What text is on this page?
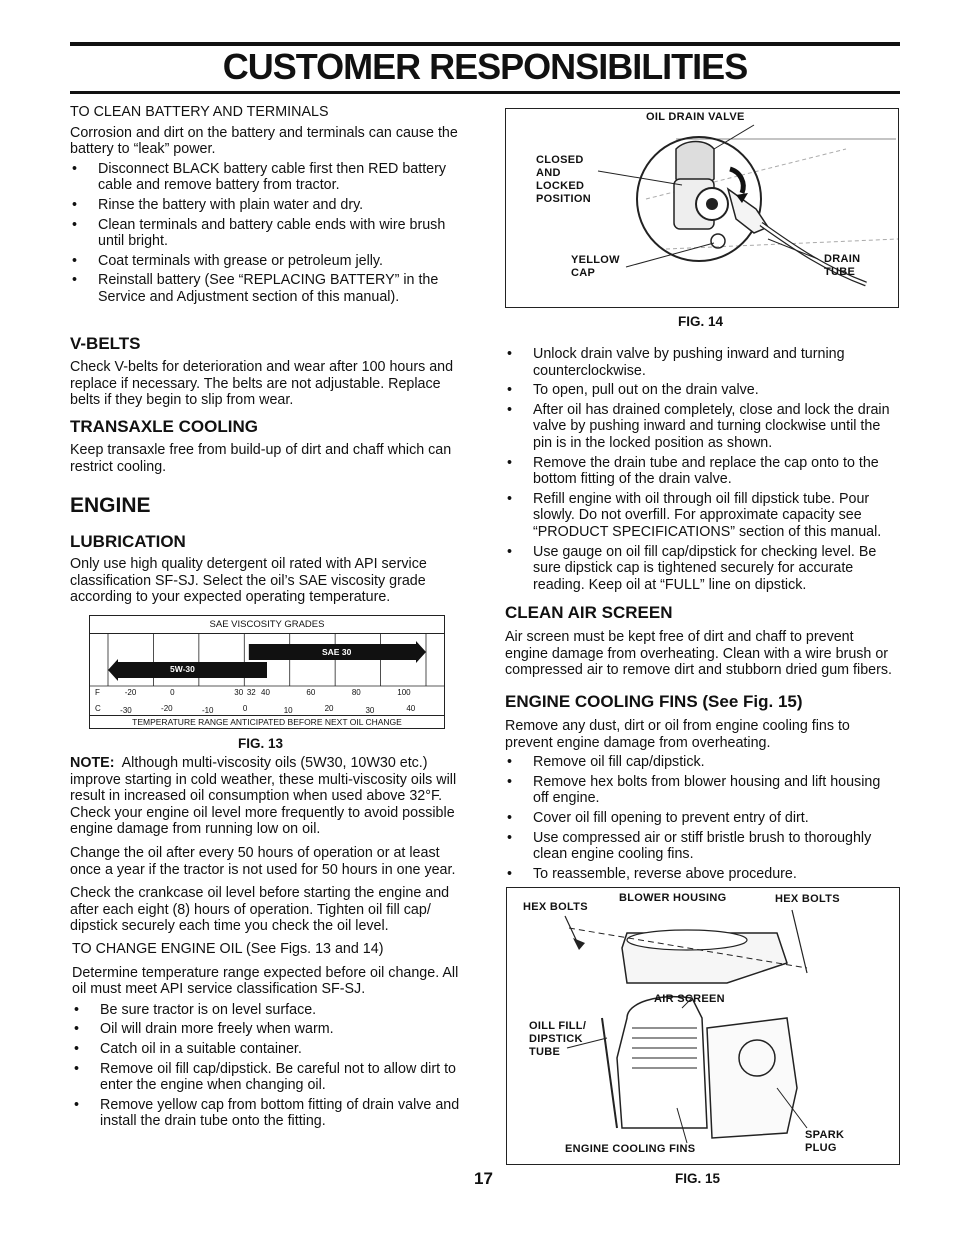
CUSTOMER RESPONSIBILITIES

TO CLEAN BATTERY AND TERMINALS

Corrosion and dirt on the battery and terminals can cause the battery to “leak” power.

• Disconnect BLACK battery cable first then RED battery cable and remove battery from tractor.
• Rinse the battery with plain water and dry.
• Clean terminals and battery cable ends with wire brush until bright.
• Coat terminals with grease or petroleum jelly.
• Reinstall battery (See “REPLACING BATTERY” in the Service and Adjustment section of this manual).

V-BELTS

Check V-belts for deterioration and wear after 100 hours and replace if necessary. The belts are not adjustable. Replace belts if they begin to slip from wear.

TRANSAXLE COOLING

Keep transaxle free from build-up of dirt and chaff which can restrict cooling.

ENGINE

LUBRICATION

Only use high quality detergent oil rated with API service classification SF-SJ. Select the oil’s SAE viscosity grade according to your expected operating temperature.

SAE VISCOSITY GRADES
5W-30
SAE 30
F
C
-20	0	30 32 40	60	80	100
-30	-20	-10	0	10	20	30	40
TEMPERATURE RANGE ANTICIPATED BEFORE NEXT OIL CHANGE
FIG. 13

NOTE: Although multi-viscosity oils (5W30, 10W30 etc.) improve starting in cold weather, these multi-viscosity oils will result in increased oil consumption when used above 32°F. Check your engine oil level more frequently to avoid possible engine damage from running low on oil.

Change the oil after every 50 hours of operation or at least once a year if the tractor is not used for 50 hours in one year.

Check the crankcase oil level before starting the engine and after each eight (8) hours of operation. Tighten oil fill cap/ dipstick securely each time you check the oil level.

TO CHANGE ENGINE OIL (See Figs. 13 and 14)

Determine temperature range expected before oil change. All oil must meet API service classification SF-SJ.

• Be sure tractor is on level surface.
• Oil will drain more freely when warm.
• Catch oil in a suitable container.
• Remove oil fill cap/dipstick. Be careful not to allow dirt to enter the engine when changing oil.
• Remove yellow cap from bottom fitting of drain valve and install the drain tube onto the fitting.
OIL DRAIN VALVE
CLOSED
AND
LOCKED
POSITION
YELLOW
CAP
DRAIN
TUBE
FIG. 14
• Unlock drain valve by pushing inward and turning counterclockwise.
• To open, pull out on the drain valve.
• After oil has drained completely, close and lock the drain valve by pushing inward and turning clockwise until the pin is in the locked position as shown.
• Remove the drain tube and replace the cap onto to the bottom fitting of the drain valve.
• Refill engine with oil through oil fill dipstick tube. Pour slowly. Do not overfill. For approximate capacity see “PRODUCT SPECIFICATIONS” section of this manual.
• Use gauge on oil fill cap/dipstick for checking level. Be sure dipstick cap is tightened securely for accurate reading. Keep oil at “FULL” line on dipstick.

CLEAN AIR SCREEN

Air screen must be kept free of dirt and chaff to prevent engine damage from overheating. Clean with a wire brush or compressed air to remove dirt and stubborn dried gum fibers.

ENGINE COOLING FINS (See Fig. 15)

Remove any dust, dirt or oil from engine cooling fins to prevent engine damage from overheating.

• Remove oil fill cap/dipstick.
• Remove hex bolts from blower housing and lift housing off engine.
• Cover oil fill opening to prevent entry of dirt.
• Use compressed air or stiff bristle brush to thoroughly clean engine cooling fins.
• To reassemble, reverse above procedure.
HEX BOLTS
BLOWER HOUSING	HEX BOLTS
AIR SCREEN
OILL FILL/
DIPSTICK
TUBE
ENGINE COOLING FINS
SPARK
PLUG
FIG. 15
17
